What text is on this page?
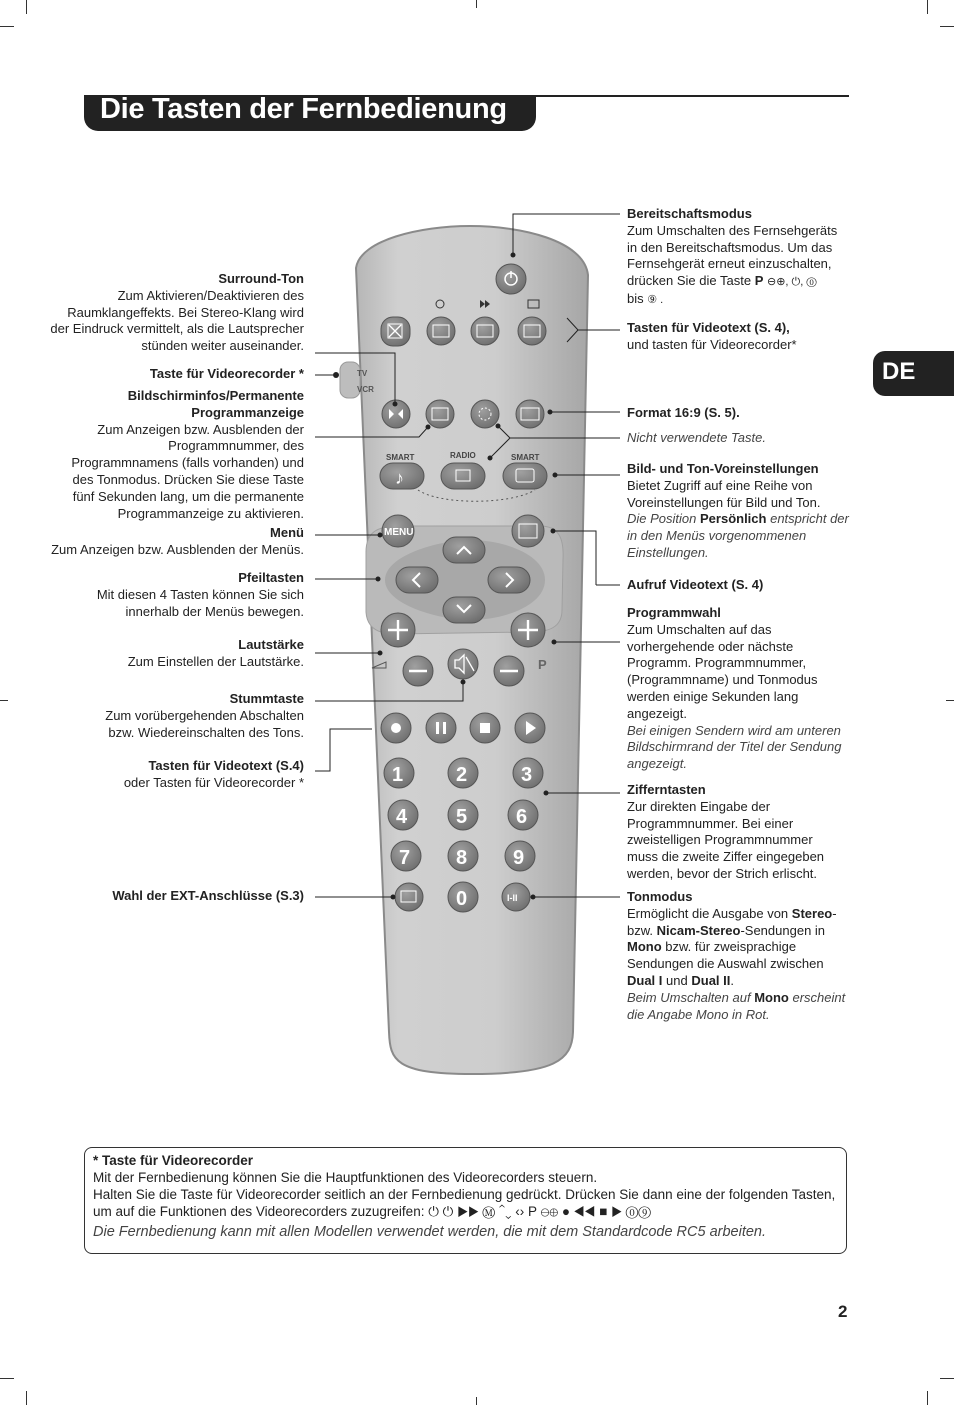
Die Tasten der Fernbedienung
DE
TV
VCR
SMART	RADIO	SMART
♪
MENU
P
1	2	3
4 5 6
7 8 9
0	I-II
Surround-Ton
Zum Aktivieren/Deaktivieren des
Raumklangeffekts. Bei Stereo-Klang wird
der Eindruck vermittelt, als die Lautsprecher
stünden weiter auseinander.
Taste für Videorecorder *
Bildschirminfos/Permanente
Programmanzeige
Zum Anzeigen bzw. Ausblenden der
Programmnummer, des
Programmnamens (falls vorhanden) und
des Tonmodus. Drücken Sie diese Taste
fünf Sekunden lang, um die permanente
Programmanzeige zu aktivieren.
Menü
Zum Anzeigen bzw. Ausblenden der Menüs.
Pfeiltasten
Mit diesen 4 Tasten können Sie sich
innerhalb der Menüs bewegen.
Lautstärke
Zum Einstellen der Lautstärke.
Stummtaste
Zum vorübergehenden Abschalten
bzw. Wiedereinschalten des Tons.
Tasten für Videotext (S.4)
oder Tasten für Videorecorder *
Wahl der EXT-Anschlüsse (S.3)
Bereitschaftsmodus
Zum Umschalten des Fernsehgeräts
in den Bereitschaftsmodus. Um das
Fernsehgerät erneut einzuschalten,
drücken Sie die Taste P ⊖⊕, ⏻, ⓪
bis ⑨ .
Tasten für Videotext (S. 4),
und tasten für Videorecorder*
Format 16:9 (S. 5).
Nicht verwendete Taste.
Bild- und Ton-Voreinstellungen
Bietet Zugriff auf eine Reihe von
Voreinstellungen für Bild und Ton.
Die Position Persönlich entspricht der
in den Menüs vorgenommenen
Einstellungen.
Aufruf Videotext (S. 4)
Programmwahl
Zum Umschalten auf das
vorhergehende oder nächste
Programm. Programmnummer,
(Programmname) und Tonmodus
werden einige Sekunden lang
angezeigt.
Bei einigen Sendern wird am unteren
Bildschirmrand der Titel der Sendung
angezeigt.
Zifferntasten
Zur direkten Eingabe der
Programmnummer. Bei einer
zweistelligen Programmnummer
muss die zweite Ziffer eingegeben
werden, bevor der Strich erlischt.
Tonmodus
Ermöglicht die Ausgabe von Stereo-
bzw. Nicam-Stereo-Sendungen in
Mono bzw. für zweisprachige
Sendungen die Auswahl zwischen
Dual I und Dual II.
Beim Umschalten auf Mono erscheint
die Angabe Mono in Rot.
* Taste für Videorecorder
Mit der Fernbedienung können Sie die Hauptfunktionen des Videorecorders steuern.
Halten Sie die Taste für Videorecorder seitlich an der Fernbedienung gedrückt. Drücken Sie dann eine der folgenden Tasten,
um auf die Funktionen des Videorecorders zuzugreifen: ⏻ ⏻ ▶▶ Ⓜ ⌃⌄ ‹› P ⊖⊕ ● ◀◀ ■ ▶ ⓪⑨
Die Fernbedienung kann mit allen Modellen verwendet werden, die mit dem Standardcode RC5 arbeiten.
2
